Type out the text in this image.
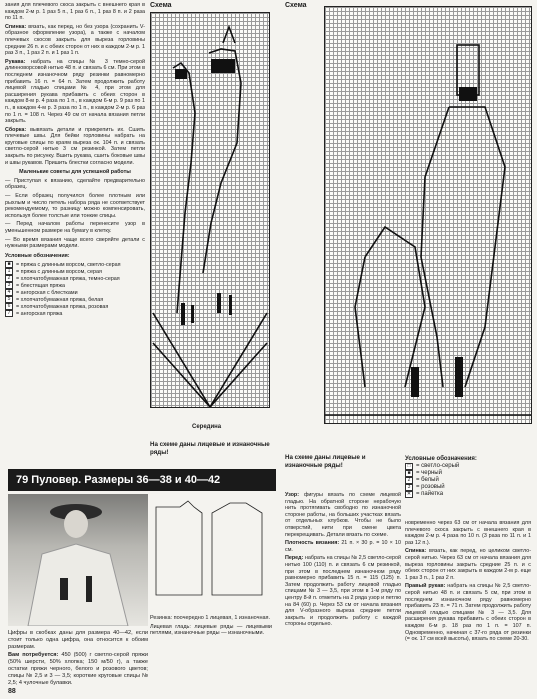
зания для плечевого скоса закрыть с внешнего края в каждом 2-м р. 1 раз 5 п., 1 раз 6 п., 1 раз 8 п. и 2 раза по 11 п.

Спинка: вязать, как перед, но без узора (сохранить V-образное оформление узора), а также с началом плечевых скосов закрыть для выреза горловины средние 26 п. и с обеих сторон от них в каждом 2-м р. 1 раз 3 п., 1 раз 2 п. и 1 раз 1 п.

Рукава: набрать на спицы № 3 темно-серой длинноворсовой нитью 48 п. и связать 6 см. При этом в последнем изнаночном ряду резинки равномерно прибавить 16 п. = 64 п. Затем продолжить работу лицевой гладью спицами № 4, при этом для расширения рукава прибавить с обеих сторон в каждом 8-м р. 4 раза по 1 п., в каждом 6-м р. 9 раз по 1 п., в каждом 4-м р. 3 раза по 1 п., в каждом 2-м р. 6 раз по 1 п. = 108 п. Через 49 см от начала вязания петли закрыть.

Сборка: вывязать детали и прикрепить их. Сшить плечевые швы. Для бейки горловины набрать на круговые спицы по краям выреза ок. 104 п. и связать светло-серой нитью 3 см резинкой. Затем петли закрыть по рисунку. Вшить рукава, сшить боковые швы и швы рукавов. Пришить блестки согласно модели.

Маленькие советы для успешной работы

— Приступая к вязанию, сделайте предварительно образец.

— Если образец получился более плотным или рыхлым и число петель набора ряда не соответствует рекомендуемому, то разницу можно компенсировать, используя более толстые или тонкие спицы.

— Перед началом работы перенесите узор в уменьшенном размере на бумагу в клетку.

— Во время вязания чаще всего сверяйте детали с нужными размерами модели.

Условные обозначения:
■	= пряжа с длинным ворсом, светло-серая
1	= пряжа с длинным ворсом, серая
2	= хлопчатобумажная пряжа, темно-серая
3	= блестящая пряжа
4	= ангорская с блестками
5	= хлопчатобумажная пряжа, белая
6	= хлопчатобумажная пряжа, розовая
7	= ангорская пряжа
Схема
Середина
На схеме даны лицевые и изнаночные ряды!
Схема
На схеме даны лицевые и изнаночные ряды!
Условные обозначения:
□ = светло-серый
■ = черный
2 = белый
3 = розовый
✕ = пайетка
79 Пуловер. Размеры 36—38 и 40—42

Цифры в скобках даны для размера 40—42, если стоит только одна цифра, она относится к обоим размерам.

Вам потребуется: 450 (500) г светло-серой пряжи (50% шерсти, 50% хлопка; 150 м/50 г), а также остатки пряжи черного, белого и розового цветов; спицы № 2,5 и 3 — 3,5; короткие круговые спицы № 2,5; 4 чулочные булавки.

Резинка: поочередно 1 лицевая, 1 изнаночная.

Лицевая гладь: лицевые ряды — лицевыми петлями, изнаночные ряды — изнаночными.

Узор: фигуры вязать по схеме лицевой гладью. На обратной стороне нерабочую нить протягивать свободно по изнаночной стороне работы, на больших участках вязать от отдельных клубков. Чтобы не было отверстий, нити при смене цвета перекрещивать. Детали вязать по схеме.

Плотность вязания: 21 п. × 30 р. = 10 × 10 см.

Перед: набрать на спицы № 2,5 светло-серой нитью 100 (110) п. и связать 6 см резинкой, при этом в последнем изнаночном ряду равномерно прибавить 15 п. = 115 (125) п. Затем продолжить работу лицевой гладью спицами № 3 — 3,5, при этом в 1-м ряду по центру 8-й п. отметить на 2 ряда узор и петлю на 84 (60) р. Через 53 см от начала вязания для V-образного выреза средние петли закрыть и продолжить работу с каждой стороны отдельно.

новременно через 63 см от начала вязания для плечевого скоса закрыть с внешнего края в каждом 2-м р. 4 раза по 10 п. (3 раза по 11 п. и 1 раз 12 п.).

Спинка: вязать, как перед, но целиком светло-серой нитью. Через 63 см от начала вязания для выреза горловины закрыть средние 25 п. и с обеих сторон от них закрыть в каждом 2-м р. еще 1 раз 3 п., 1 раз 2 п.

Правый рукав: набрать на спицы № 2,5 светло-серой нитью 48 п. и связать 5 см, при этом в последнем изнаночном ряду равномерно прибавить 23 п. = 71 п. Затем продолжить работу лицевой гладью спицами № 3 — 3,5. Для расширения рукава прибавить с обеих сторон в каждом 6-м р. 18 раз по 1 п. = 107 п. Одновременно, начиная с 37-го ряда от резинки (= ок. 17 см всей высоты), вязать по схеме 20-30.

88
